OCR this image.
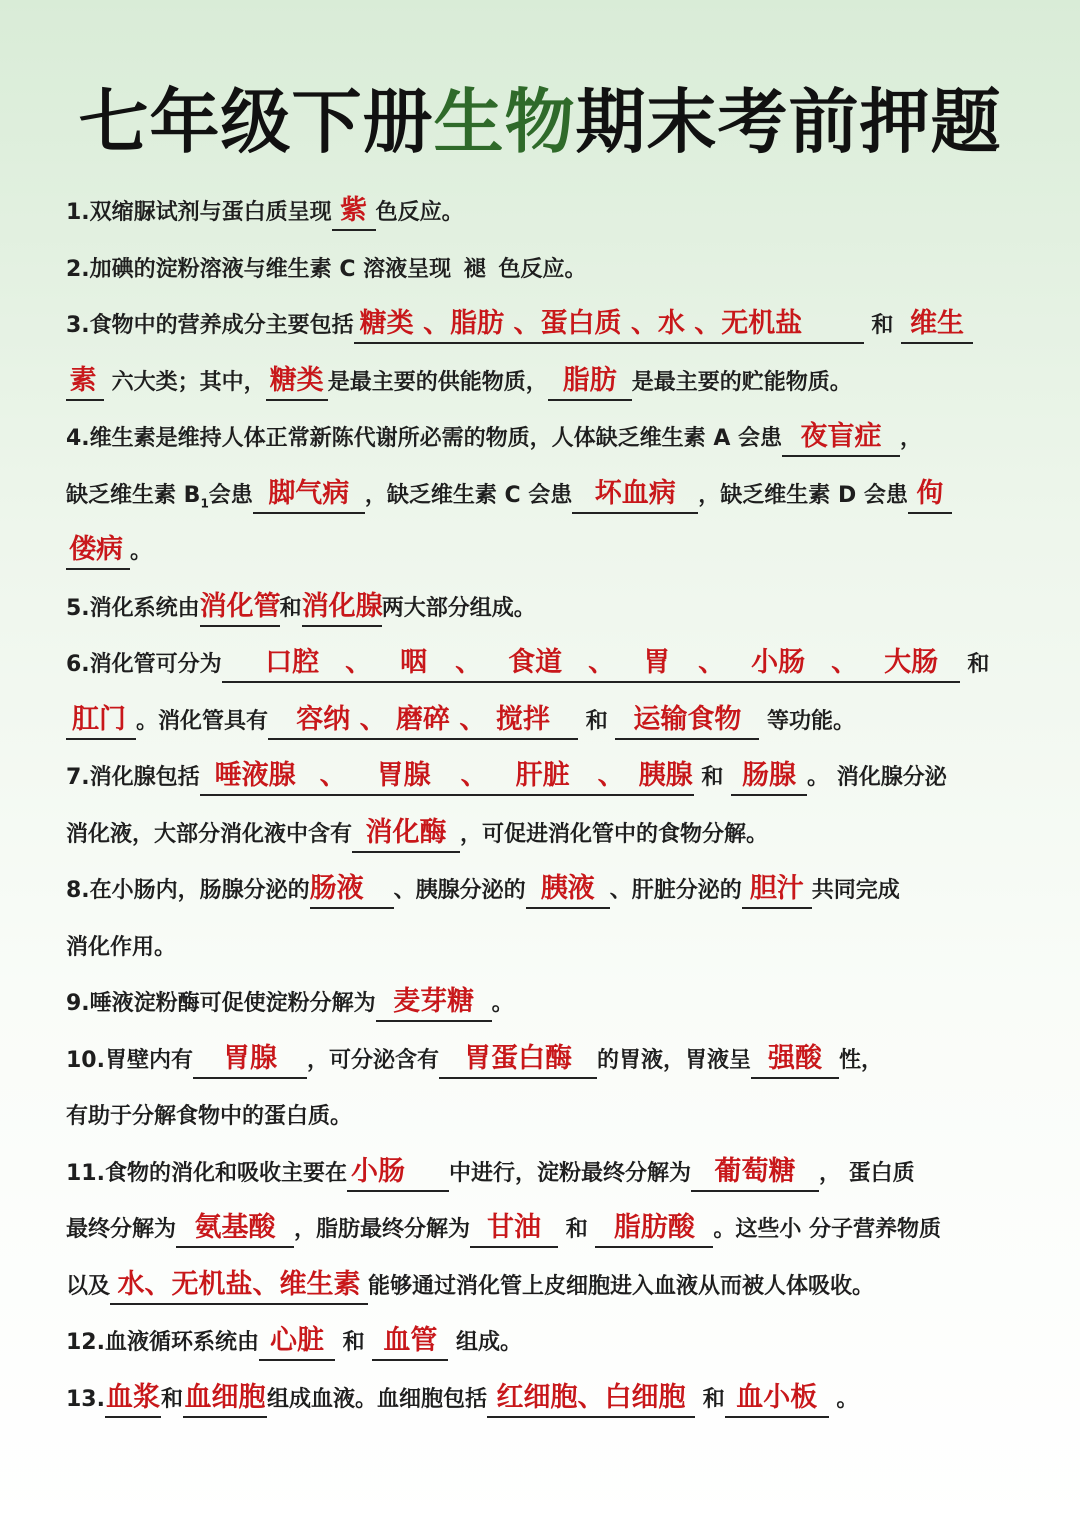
七年级下册生物期末考前押题
1.双缩脲试剂与蛋白质呈现 紫 色反应。
2.加碘的淀粉溶液与维生素 C 溶液呈现 褪 色反应。
3.食物中的营养成分主要包括 糖类 、脂肪 、蛋白质 、水 、无机盐	和 维生
素 六大类；其中， 糖类 是最主要的供能物质， 脂肪 是最主要的贮能物质。
4.维生素是维持人体正常新陈代谢所必需的物质，人体缺乏维生素 A 会患 夜盲症 ，
缺乏维生素 $B_1$会患 脚气病 ，缺乏维生素 C 会患 坏血病 ，缺乏维生素 D 会患 佝
偻病 。
5.消化系统由消化管和消化腺两大部分组成。
6.消化管可分为 口腔 、 咽 、 食道 、 胃 、 小肠 、 大肠 和
肛门 。消化管具有 容纳 、 磨碎 、 搅拌 和 运输食物 等功能。
7.消化腺包括 唾液腺 、 胃腺 、 肝脏 、 胰腺 和 肠腺 。 消化腺分泌
消化液，大部分消化液中含有 消化酶 ，可促进消化管中的食物分解。
8.在小肠内，肠腺分泌的肠液 、胰腺分泌的 胰液 、肝脏分泌的 胆汁 共同完成
消化作用。
9.唾液淀粉酶可促使淀粉分解为 麦芽糖 。
10.胃壁内有 胃腺 ，可分泌含有 胃蛋白酶 的胃液，胃液呈 强酸 性，
有助于分解食物中的蛋白质。
11.食物的消化和吸收主要在 小肠 中进行，淀粉最终分解为 葡萄糖 ， 蛋白质
最终分解为 氨基酸 ，脂肪最终分解为 甘油 和 脂肪酸 。这些小 分子营养物质
以及 水、无机盐、维生素 能够通过消化管上皮细胞进入血液从而被人体吸收。
12.血液循环系统由 心脏 和 血管 组成。
13.血浆和血细胞组成血液。血细胞包括 红细胞、白细胞 和 血小板 。
